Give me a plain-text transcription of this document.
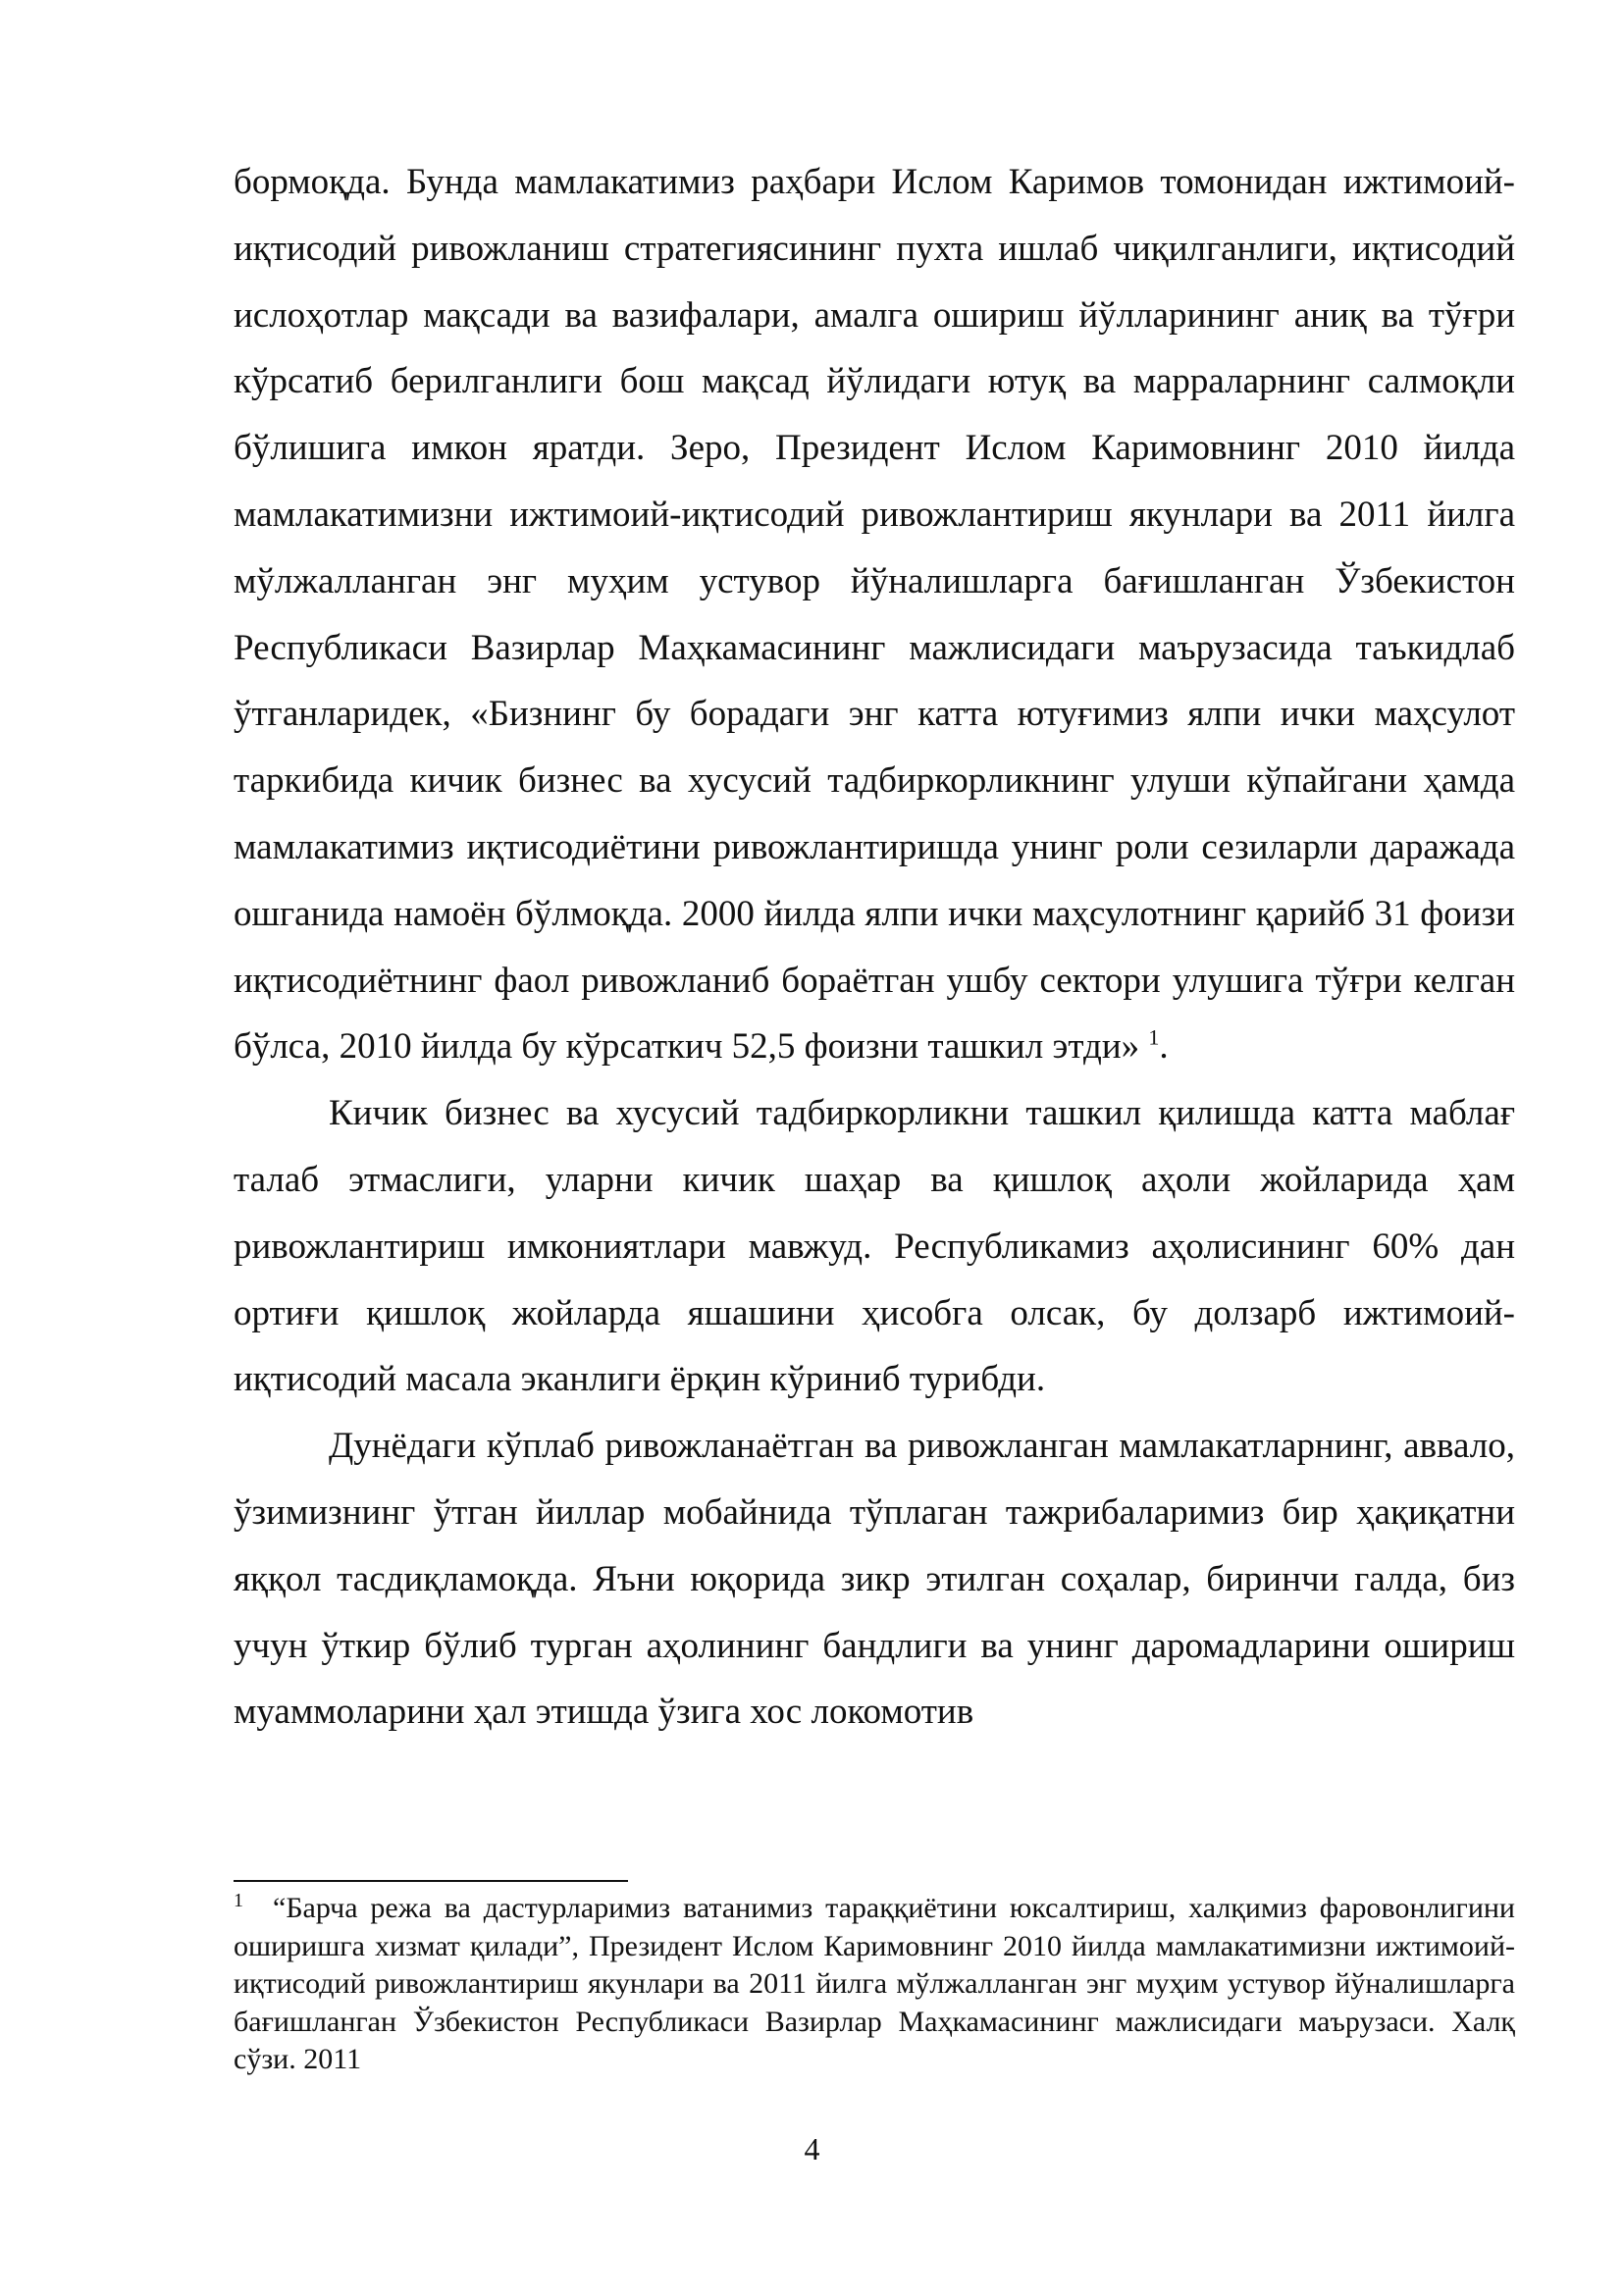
бормоқда. Бунда мамлакатимиз раҳбари Ислом Каримов томонидан ижтимоий-иқтисодий ривожланиш стратегиясининг пухта ишлаб чиқилганлиги, иқтисодий ислоҳотлар мақсади ва вазифалари, амалга ошириш йўлларининг аниқ ва тўғри кўрсатиб берилганлиги бош мақсад йўлидаги ютуқ ва марраларнинг салмоқли бўлишига имкон яратди. Зеро, Президент Ислом Каримовнинг 2010 йилда мамлакатимизни ижтимоий-иқтисодий ривожлантириш якунлари ва 2011 йилга мўлжалланган энг муҳим устувор йўналишларга бағишланган Ўзбекистон Республикаси Вазирлар Маҳкамасининг мажлисидаги маърузасида таъкидлаб ўтганларидек, «Бизнинг бу борадаги энг катта ютуғимиз ялпи ички маҳсулот таркибида кичик бизнес ва хусусий тадбиркорликнинг улуши кўпайгани ҳамда мамлакатимиз иқтисодиётини ривожлантиришда унинг роли сезиларли даражада ошганида намоён бўлмоқда. 2000 йилда ялпи ички маҳсулотнинг қарийб 31 фоизи иқтисодиётнинг фаол ривожланиб бораётган ушбу сектори улушига тўғри келган бўлса, 2010 йилда бу кўрсаткич 52,5 фоизни ташкил этди» $^1$.

Кичик бизнес ва хусусий тадбиркорликни ташкил қилишда катта маблағ талаб этмаслиги, уларни кичик шаҳар ва қишлоқ аҳоли жойларида ҳам ривожлантириш имкониятлари мавжуд. Республикамиз аҳолисининг 60% дан ортиғи қишлоқ жойларда яшашини ҳисобга олсак, бу долзарб ижтимоий-иқтисодий масала эканлиги ёрқин кўриниб турибди.

Дунёдаги кўплаб ривожланаётган ва ривожланган мамлакатларнинг, аввало, ўзимизнинг ўтган йиллар мобайнида тўплаган тажрибаларимиз бир ҳақиқатни яққол тасдиқламоқда. Яъни юқорида зикр этилган соҳалар, биринчи галда, биз учун ўткир бўлиб турган аҳолининг бандлиги ва унинг даромадларини ошириш муаммоларини ҳал этишда ўзига хос локомотив

$^1$ “Барча режа ва дастурларимиз ватанимиз тараққиётини юксалтириш, халқимиз фаровонлигини оширишга хизмат қилади”, Президент Ислом Каримовнинг 2010 йилда мамлакатимизни ижтимоий-иқтисодий ривожлантириш якунлари ва 2011 йилга мўлжалланган энг муҳим устувор йўналишларга бағишланган Ўзбекистон Республикаси Вазирлар Маҳкамасининг мажлисидаги маърузаси. Халқ сўзи. 2011

4
